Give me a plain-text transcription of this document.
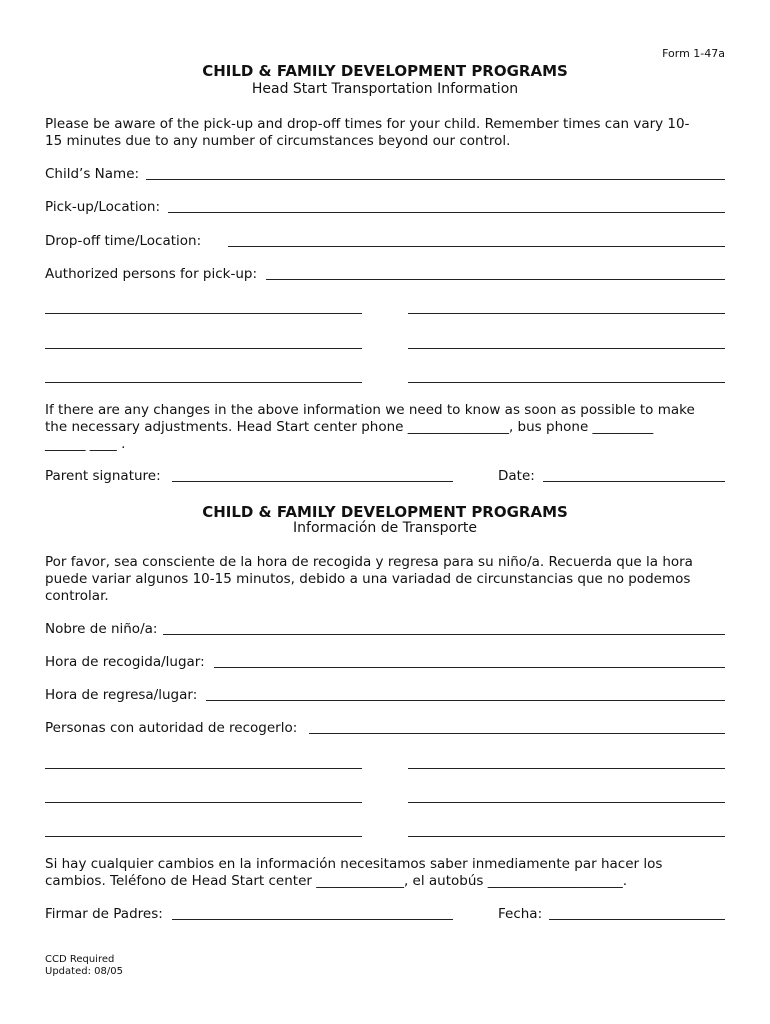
Form 1-47a
CHILD & FAMILY DEVELOPMENT PROGRAMS
Head Start Transportation Information
Please be aware of the pick-up and drop-off times for your child. Remember times can vary 10-
15 minutes due to any number of circumstances beyond our control.
Child’s Name:
Pick-up/Location:
Drop-off time/Location:
Authorized persons for pick-up:
If there are any changes in the above information we need to know as soon as possible to make
the necessary adjustments. Head Start center phone _______________, bus phone _________
______ ____ .
Parent signature:	Date:
CHILD & FAMILY DEVELOPMENT PROGRAMS
Información de Transporte
Por favor, sea consciente de la hora de recogida y regresa para su niño/a. Recuerda que la hora
puede variar algunos 10-15 minutos, debido a una variadad de circunstancias que no podemos
controlar.
Nobre de niño/a:
Hora de recogida/lugar:
Hora de regresa/lugar:
Personas con autoridad de recogerlo:
Si hay cualquier cambios en la información necesitamos saber inmediamente par hacer los
cambios. Teléfono de Head Start center _____________, el autobús ____________________.
Firmar de Padres:	Fecha:
CCD Required
Updated: 08/05
